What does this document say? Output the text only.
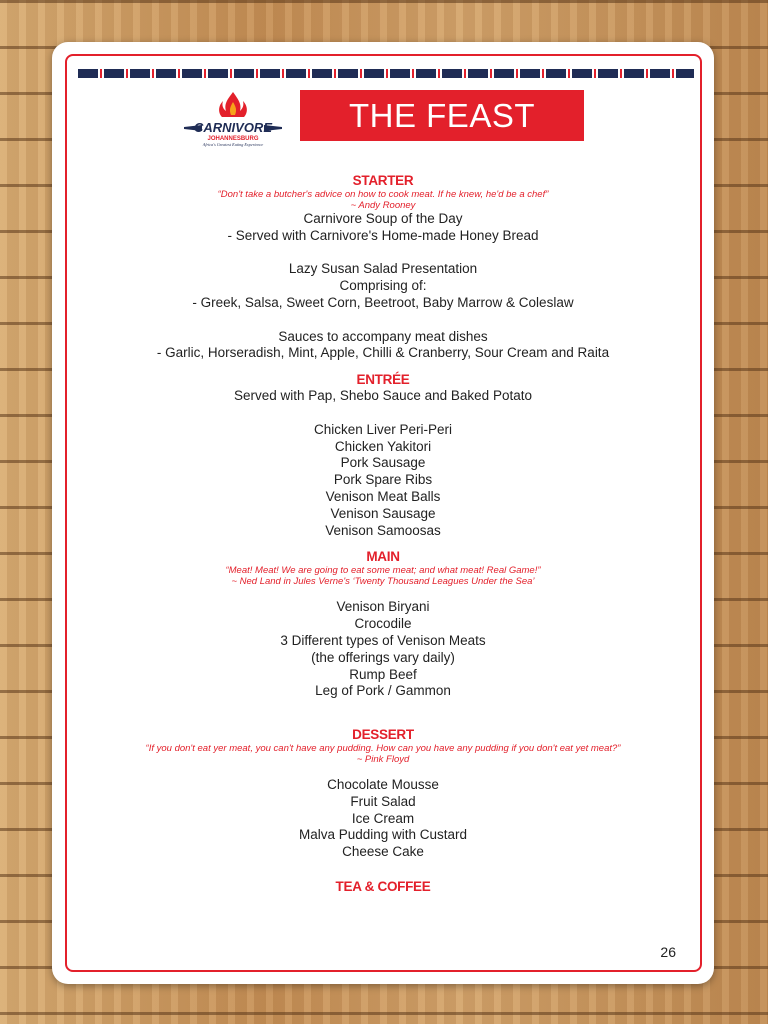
CARNIVORE
JOHANNESBURG
Africa's Greatest Eating Experience
THE FEAST
STARTER
“Don't take a butcher's advice on how to cook meat. If he knew, he'd be a chef”
~ Andy Rooney
Carnivore Soup of the Day
- Served with Carnivore's Home-made Honey Bread
Lazy Susan Salad Presentation
Comprising of:
- Greek, Salsa, Sweet Corn, Beetroot, Baby Marrow & Coleslaw
Sauces to accompany meat dishes
- Garlic, Horseradish, Mint, Apple, Chilli & Cranberry, Sour Cream and Raita
ENTRÉE
Served with Pap, Shebo Sauce and Baked Potato
Chicken Liver Peri-Peri
Chicken Yakitori
Pork Sausage
Pork Spare Ribs
Venison Meat Balls
Venison Sausage
Venison Samoosas
MAIN
“Meat! Meat! We are going to eat some meat; and what meat! Real Game!”
~ Ned Land in Jules Verne's ‘Twenty Thousand Leagues Under the Sea’
Venison Biryani
Crocodile
3 Different types of Venison Meats
(the offerings vary daily)
Rump Beef
Leg of Pork / Gammon
DESSERT
“If you don't eat yer meat, you can't have any pudding. How can you have any pudding if you don't eat yet meat?”
~ Pink Floyd
Chocolate Mousse
Fruit Salad
Ice Cream
Malva Pudding with Custard
Cheese Cake
TEA & COFFEE
26
